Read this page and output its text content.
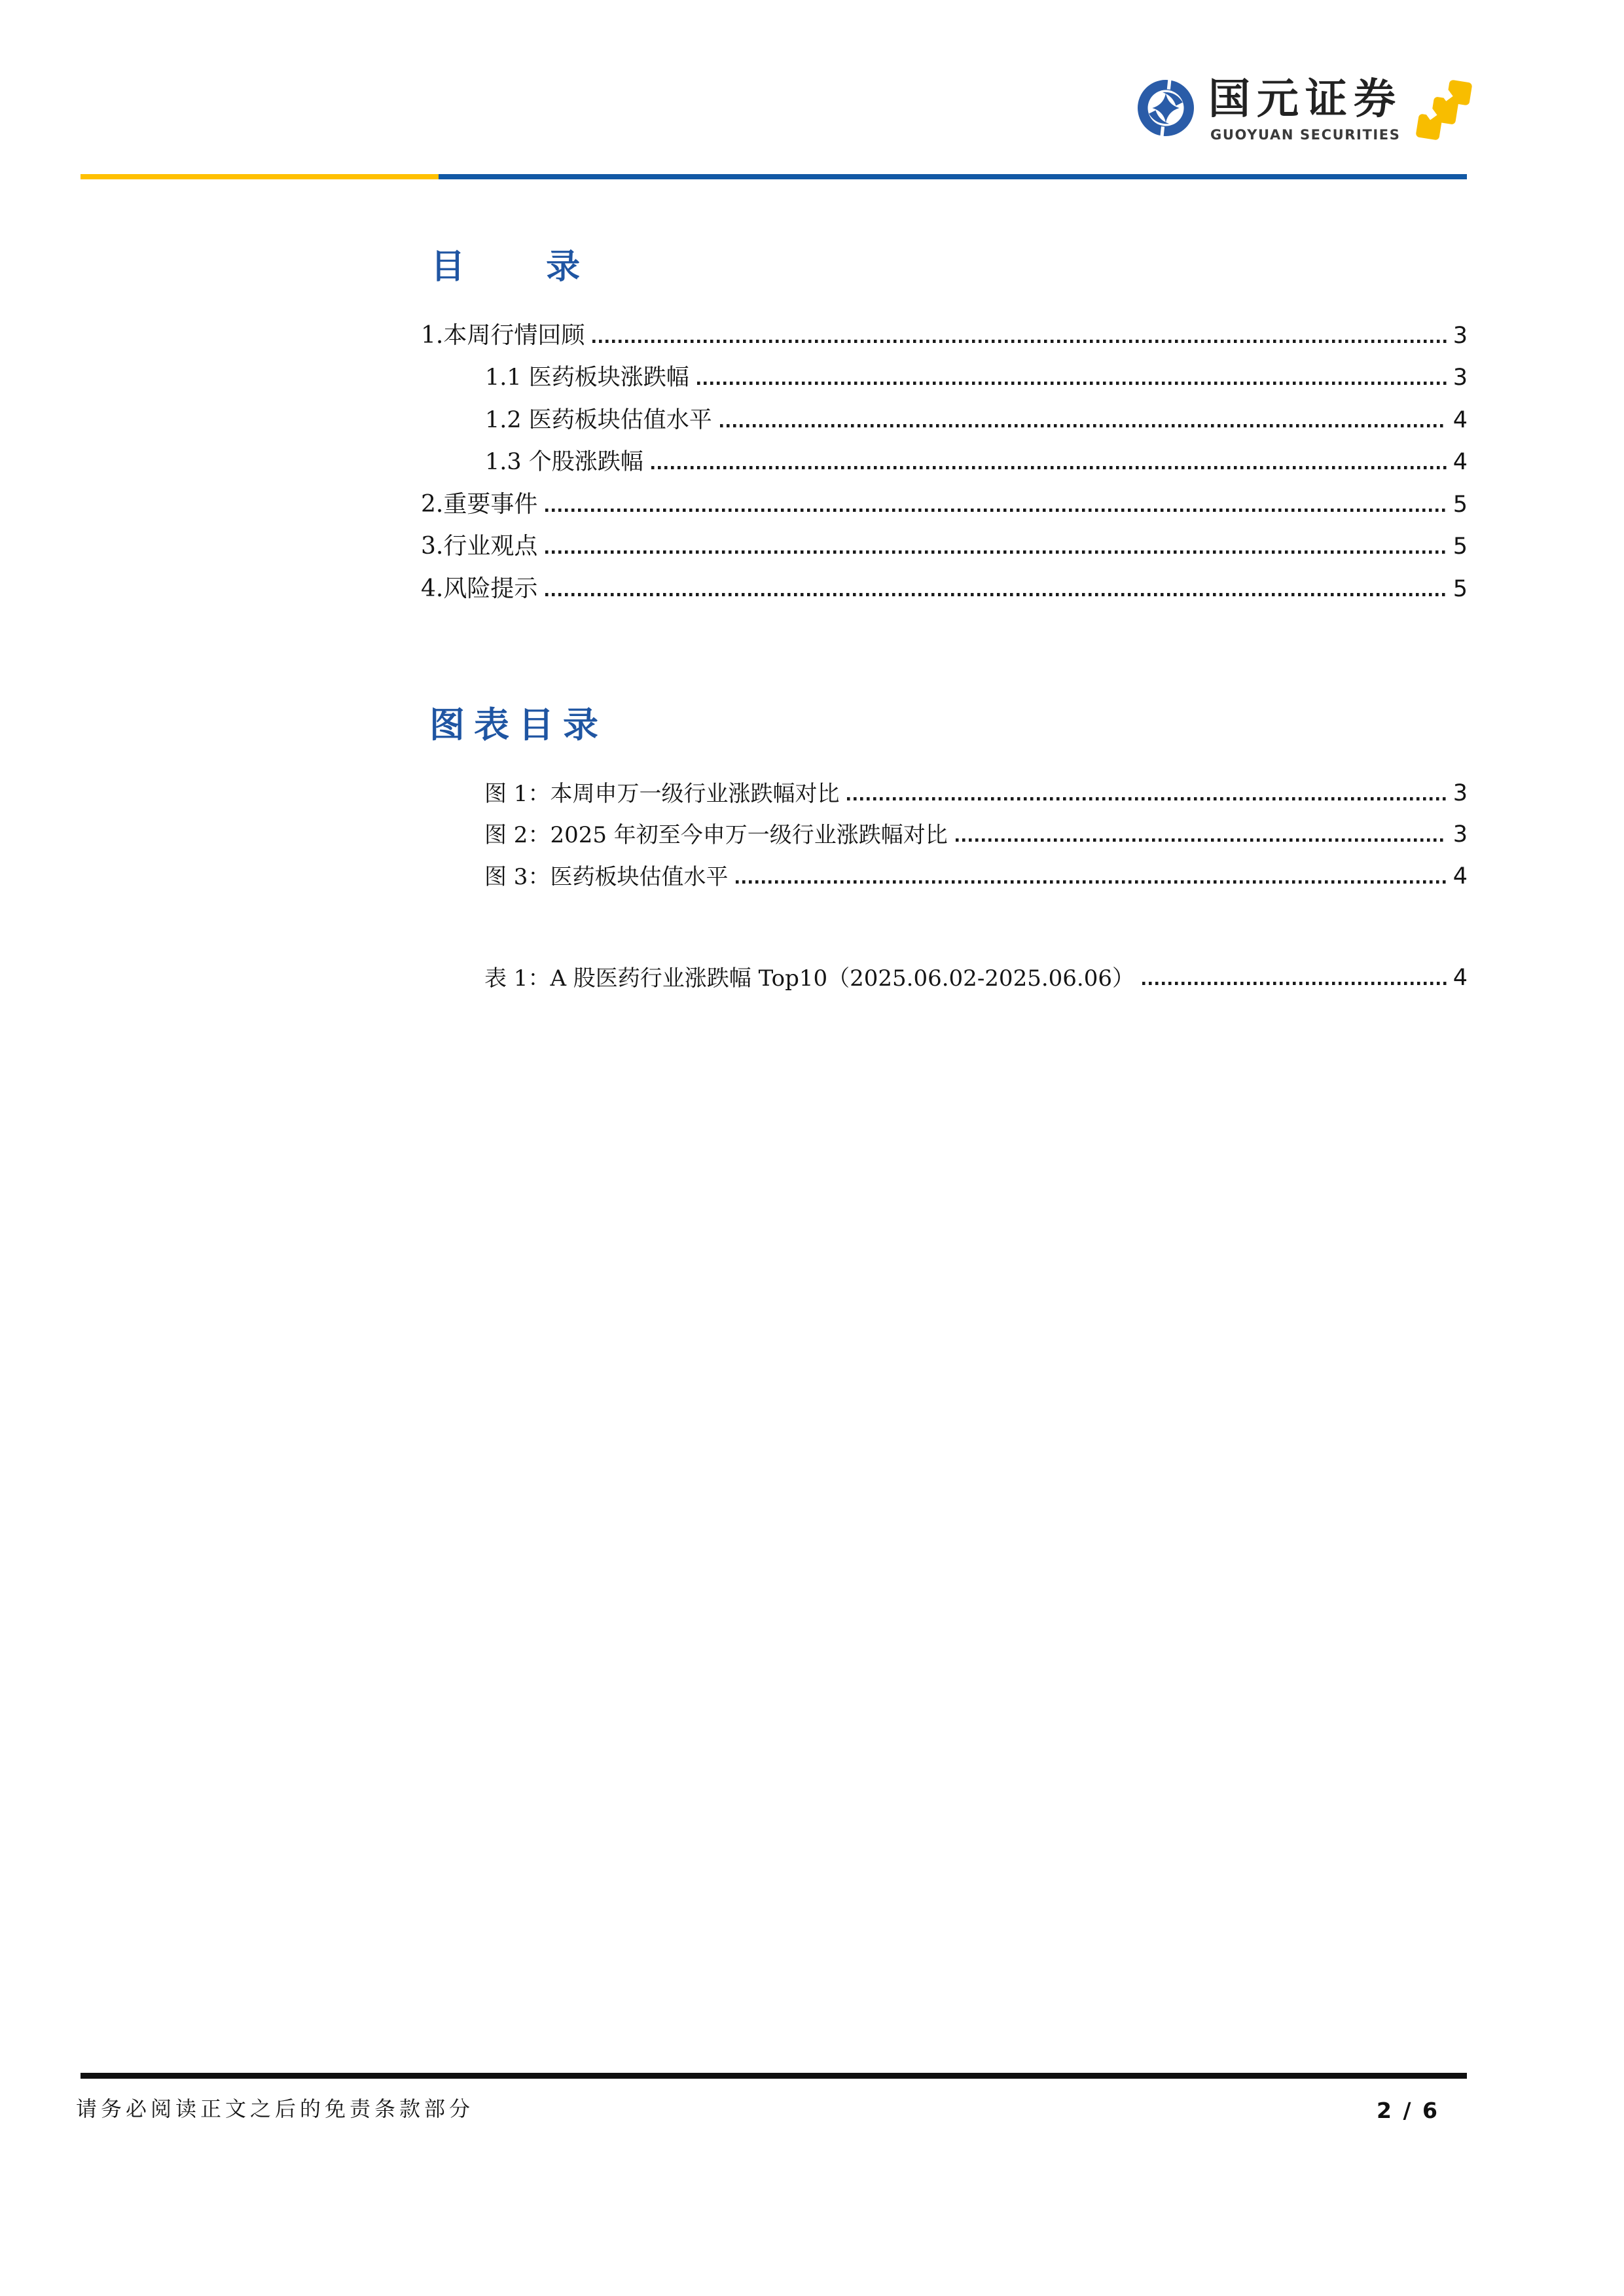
国元证券
GUOYUAN SECURITIES
目 录
1.本周行情回顾	3
1.1 医药板块涨跌幅	3
1.2 医药板块估值水平	4
1.3 个股涨跌幅	4
2.重要事件	5
3.行业观点	5
4.风险提示	5
图表目录
图 1：本周申万一级行业涨跌幅对比	3
图 2：2025 年初至今申万一级行业涨跌幅对比	3
图 3：医药板块估值水平	4
表 1：A 股医药行业涨跌幅 Top10（2025.06.02-2025.06.06）	4
请务必阅读正文之后的免责条款部分	2 / 6
